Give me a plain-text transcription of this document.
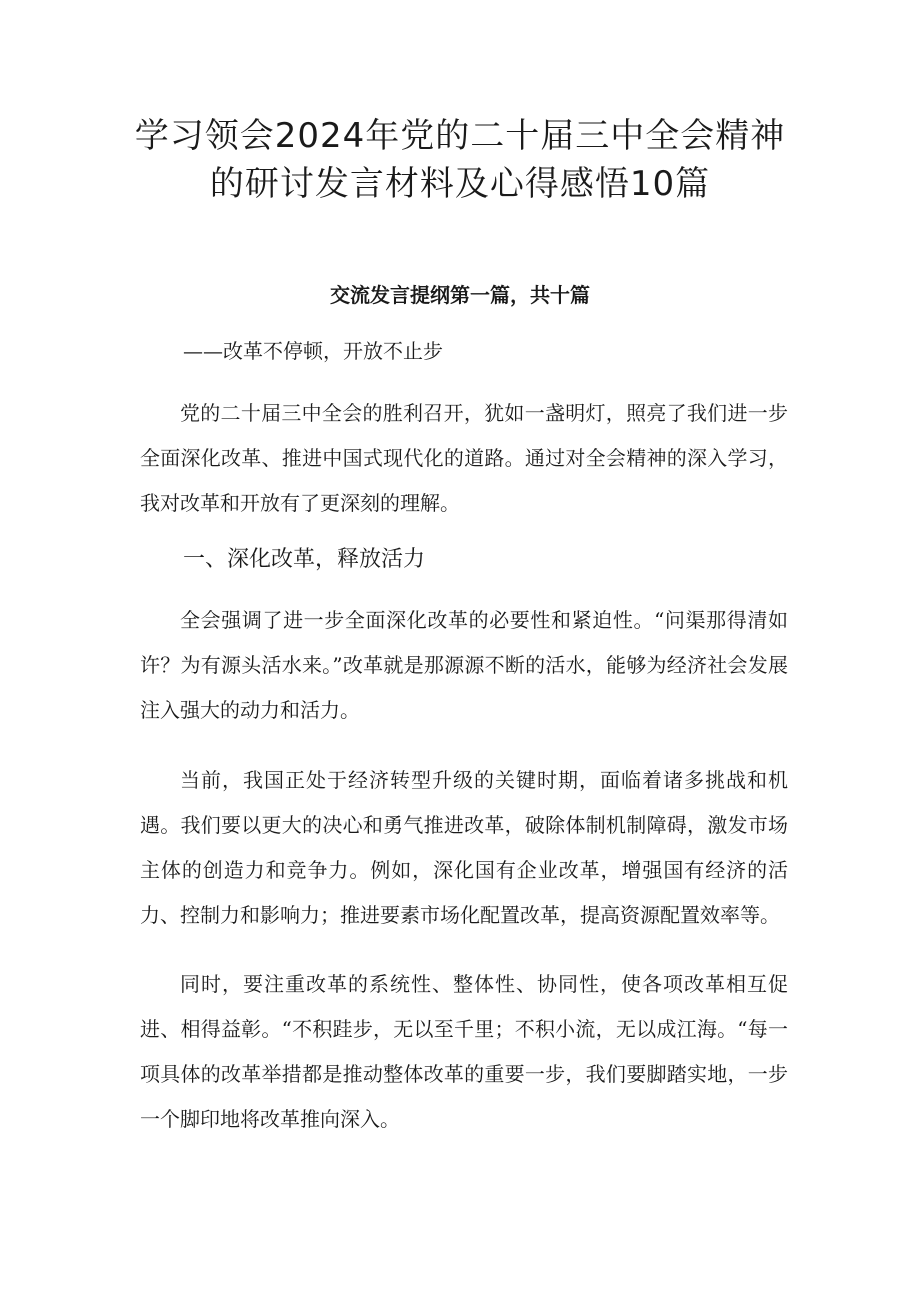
学习领会2024年党的二十届三中全会精神
的研讨发言材料及心得感悟10篇

交流发言提纲第一篇，共十篇

——改革不停顿，开放不止步

党的二十届三中全会的胜利召开，犹如一盏明灯，照亮了我们进一步全面深化改革、推进中国式现代化的道路。通过对全会精神的深入学习，我对改革和开放有了更深刻的理解。

一、深化改革，释放活力

全会强调了进一步全面深化改革的必要性和紧迫性。“问渠那得清如许？为有源头活水来。”改革就是那源源不断的活水，能够为经济社会发展注入强大的动力和活力。

当前，我国正处于经济转型升级的关键时期，面临着诸多挑战和机遇。我们要以更大的决心和勇气推进改革，破除体制机制障碍，激发市场主体的创造力和竞争力。例如，深化国有企业改革，增强国有经济的活力、控制力和影响力；推进要素市场化配置改革，提高资源配置效率等。

同时，要注重改革的系统性、整体性、协同性，使各项改革相互促进、相得益彰。“不积跬步，无以至千里；不积小流，无以成江海。“每一项具体的改革举措都是推动整体改革的重要一步，我们要脚踏实地，一步一个脚印地将改革推向深入。
